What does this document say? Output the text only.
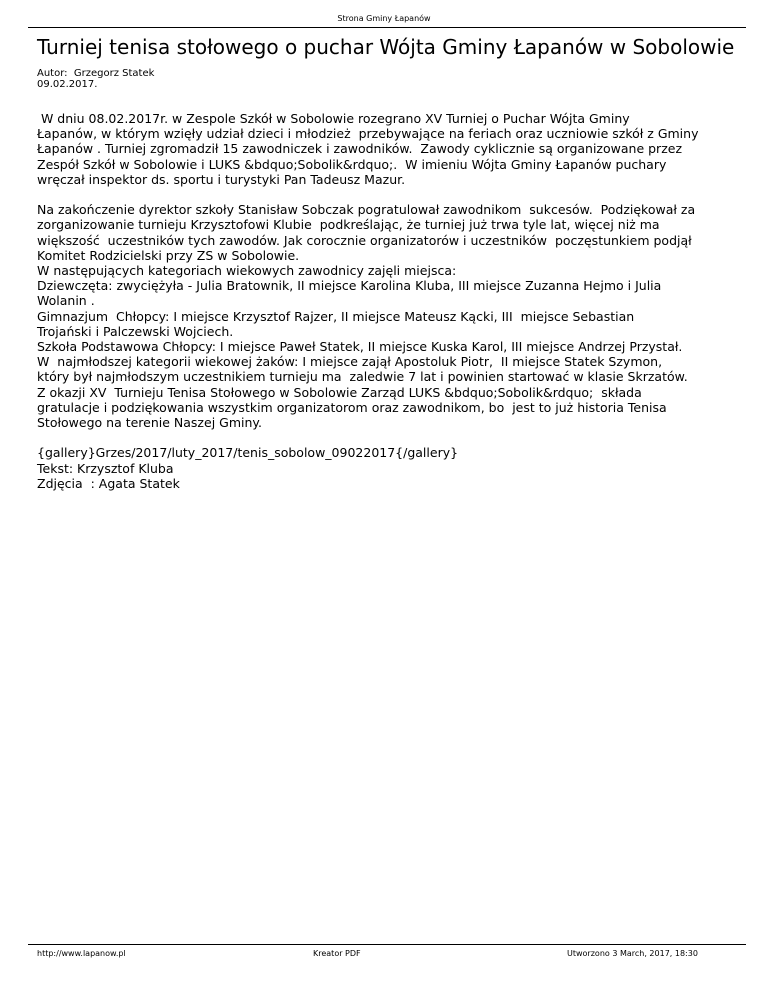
Strona Gminy Łapanów
Turniej tenisa stołowego o puchar Wójta Gminy Łapanów w Sobolowie
Autor:  Grzegorz Statek
09.02.2017.

W dniu 08.02.2017r. w Zespole Szkół w Sobolowie rozegrano XV Turniej o Puchar Wójta Gminy
Łapanów, w którym wzięły udział dzieci i młodzież  przebywające na feriach oraz uczniowie szkół z Gminy
Łapanów . Turniej zgromadził 15 zawodniczek i zawodników.  Zawody cyklicznie są organizowane przez
Zespół Szkół w Sobolowie i LUKS &bdquo;Sobolik&rdquo;.  W imieniu Wójta Gminy Łapanów puchary
wręczał inspektor ds. sportu i turystyki Pan Tadeusz Mazur.

Na zakończenie dyrektor szkoły Stanisław Sobczak pogratulował zawodnikom  sukcesów.  Podziękował za
zorganizowanie turnieju Krzysztofowi Klubie  podkreślając, że turniej już trwa tyle lat, więcej niż ma
większość  uczestników tych zawodów. Jak corocznie organizatorów i uczestników  poczęstunkiem podjął
Komitet Rodzicielski przy ZS w Sobolowie.
W następujących kategoriach wiekowych zawodnicy zajęli miejsca:
Dziewczęta: zwyciężyła - Julia Bratownik, II miejsce Karolina Kluba, III miejsce Zuzanna Hejmo i Julia
Wolanin .
Gimnazjum  Chłopcy: I miejsce Krzysztof Rajzer, II miejsce Mateusz Kącki, III  miejsce Sebastian
Trojański i Palczewski Wojciech.
Szkoła Podstawowa Chłopcy: I miejsce Paweł Statek, II miejsce Kuska Karol, III miejsce Andrzej Przystał.
W  najmłodszej kategorii wiekowej żaków: I miejsce zajął Apostoluk Piotr,  II miejsce Statek Szymon,
który był najmłodszym uczestnikiem turnieju ma  zaledwie 7 lat i powinien startować w klasie Skrzatów.
Z okazji XV  Turnieju Tenisa Stołowego w Sobolowie Zarząd LUKS &bdquo;Sobolik&rdquo;  składa
gratulacje i podziękowania wszystkim organizatorom oraz zawodnikom, bo  jest to już historia Tenisa
Stołowego na terenie Naszej Gminy.

{gallery}Grzes/2017/luty_2017/tenis_sobolow_09022017{/gallery}
Tekst: Krzysztof Kluba
Zdjęcia  : Agata Statek

http://www.lapanow.pl	Kreator PDF	Utworzono 3 March, 2017, 18:30
